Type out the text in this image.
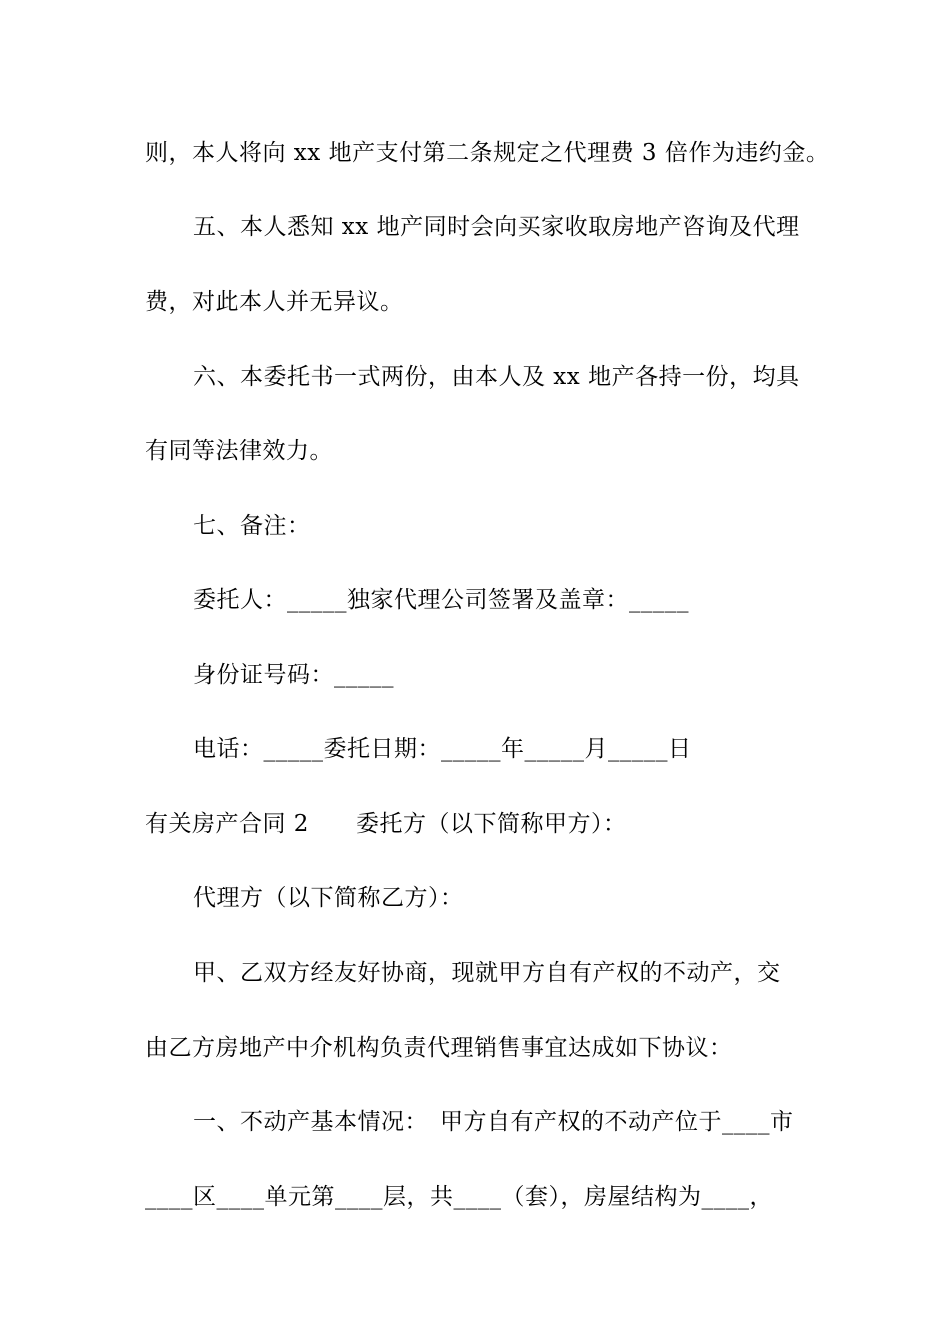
则，本人将向 xx 地产支付第二条规定之代理费 3 倍作为违约金。
五、本人悉知 xx 地产同时会向买家收取房地产咨询及代理
费，对此本人并无异议。
六、本委托书一式两份，由本人及 xx 地产各持一份，均具
有同等法律效力。
七、备注：
委托人：_____独家代理公司签署及盖章：_____
身份证号码：_____
电话：_____委托日期：_____年_____月_____日
有关房产合同 2　　委托方（以下简称甲方）：
代理方（以下简称乙方）：
甲、乙双方经友好协商，现就甲方自有产权的不动产，交
由乙方房地产中介机构负责代理销售事宜达成如下协议：
一、不动产基本情况：　甲方自有产权的不动产位于____市
____区____单元第____层，共____（套），房屋结构为____，
